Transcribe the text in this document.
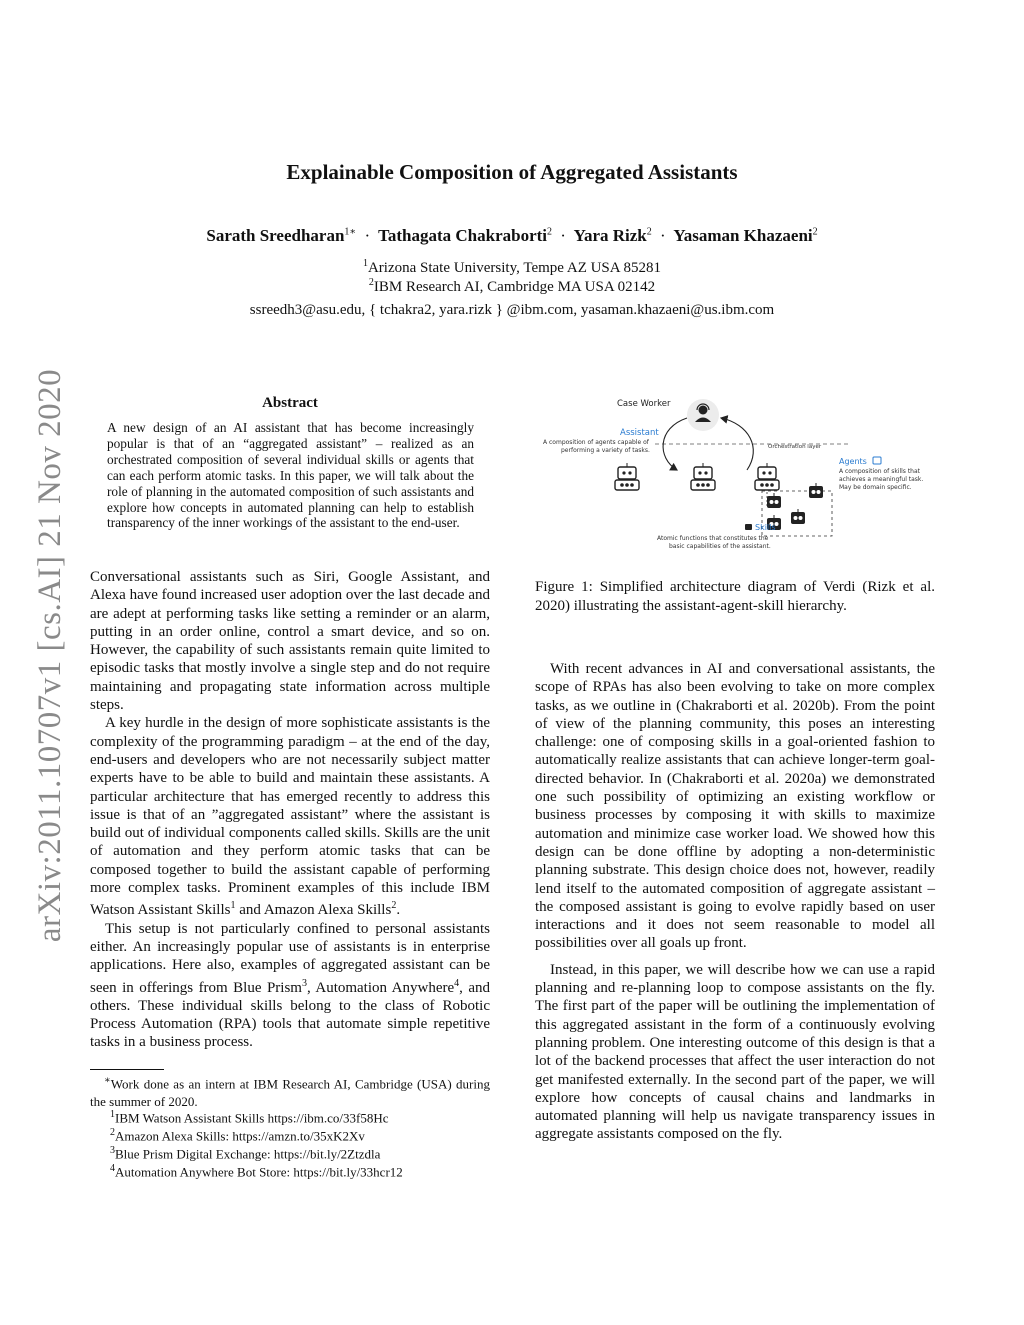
arXiv:2011.10707v1 [cs.AI] 21 Nov 2020
Explainable Composition of Aggregated Assistants
Sarath Sreedharan$^{1∗}$ · Tathagata Chakraborti$^2$ · Yara Rizk$^2$ · Yasaman Khazaeni$^2$
$^1$Arizona State University, Tempe AZ USA 85281
$^2$IBM Research AI, Cambridge MA USA 02142
ssreedh3@asu.edu, { tchakra2, yara.rizk } @ibm.com, yasaman.khazaeni@us.ibm.com
Abstract
A new design of an AI assistant that has become increasingly popular is that of an “aggregated assistant” – realized as an orchestrated composition of several individual skills or agents that can each perform atomic tasks. In this paper, we will talk about the role of planning in the automated composition of such assistants and explore how concepts in automated planning can help to establish transparency of the inner workings of the assistant to the end-user.

Conversational assistants such as Siri, Google Assistant, and Alexa have found increased user adoption over the last decade and are adept at performing tasks like setting a reminder or an alarm, putting in an order online, control a smart device, and so on. However, the capability of such assistants remain quite limited to episodic tasks that mostly involve a single step and do not require maintaining and propagating state information across multiple steps.

A key hurdle in the design of more sophisticate assistants is the complexity of the programming paradigm – at the end of the day, end-users and developers who are not necessarily subject matter experts have to be able to build and maintain these assistants. A particular architecture that has emerged recently to address this issue is that of an ”aggregated assistant” where the assistant is build out of individual components called skills. Skills are the unit of automation and they perform atomic tasks that can be composed together to build the assistant capable of performing more complex tasks. Prominent examples of this include IBM Watson Assistant Skills$^1$ and Amazon Alexa Skills$^2$.

This setup is not particularly confined to personal assistants either. An increasingly popular use of assistants is in enterprise applications. Here also, examples of aggregated assistant can be seen in offerings from Blue Prism$^3$, Automation Anywhere$^4$, and others. These individual skills belong to the class of Robotic Process Automation (RPA) tools that automate simple repetitive tasks in a business process.

∗Work done as an intern at IBM Research AI, Cambridge (USA) during the summer of 2020.
$^1$IBM Watson Assistant Skills https://ibm.co/33f58Hc
$^2$Amazon Alexa Skills: https://amzn.to/35xK2Xv
$^3$Blue Prism Digital Exchange: https://bit.ly/2Ztzdla
$^4$Automation Anywhere Bot Store: https://bit.ly/33hcr12
Case Worker
Assistant
A composition of agents capable of
performing a variety of tasks.	Orchestration layer
Agents
A composition of skills that
achieves a meaningful task.
May be domain specific.
Skills
Atomic functions that constitutes the
basic capabilities of the assistant.
Figure 1: Simplified architecture diagram of Verdi (Rizk et al. 2020) illustrating the assistant-agent-skill hierarchy.

With recent advances in AI and conversational assistants, the scope of RPAs has also been evolving to take on more complex tasks, as we outline in (Chakraborti et al. 2020b). From the point of view of the planning community, this poses an interesting challenge: one of composing skills in a goal-oriented fashion to automatically realize assistants that can achieve longer-term goal-directed behavior. In (Chakraborti et al. 2020a) we demonstrated one such possibility of optimizing an existing workflow or business processes by composing it with skills to maximize automation and minimize case worker load. We showed how this design can be done offline by adopting a non-deterministic planning substrate. This design choice does not, however, readily lend itself to the automated composition of aggregate assistant – the composed assistant is going to evolve rapidly based on user interactions and it does not seem reasonable to model all possibilities over all goals up front.

Instead, in this paper, we will describe how we can use a rapid planning and re-planning loop to compose assistants on the fly. The first part of the paper will be outlining the implementation of this aggregated assistant in the form of a continuously evolving planning problem. One interesting outcome of this design is that a lot of the backend processes that affect the user interaction do not get manifested externally. In the second part of the paper, we will explore how concepts of causal chains and landmarks in automated planning will help us navigate transparency issues in aggregate assistants composed on the fly.
